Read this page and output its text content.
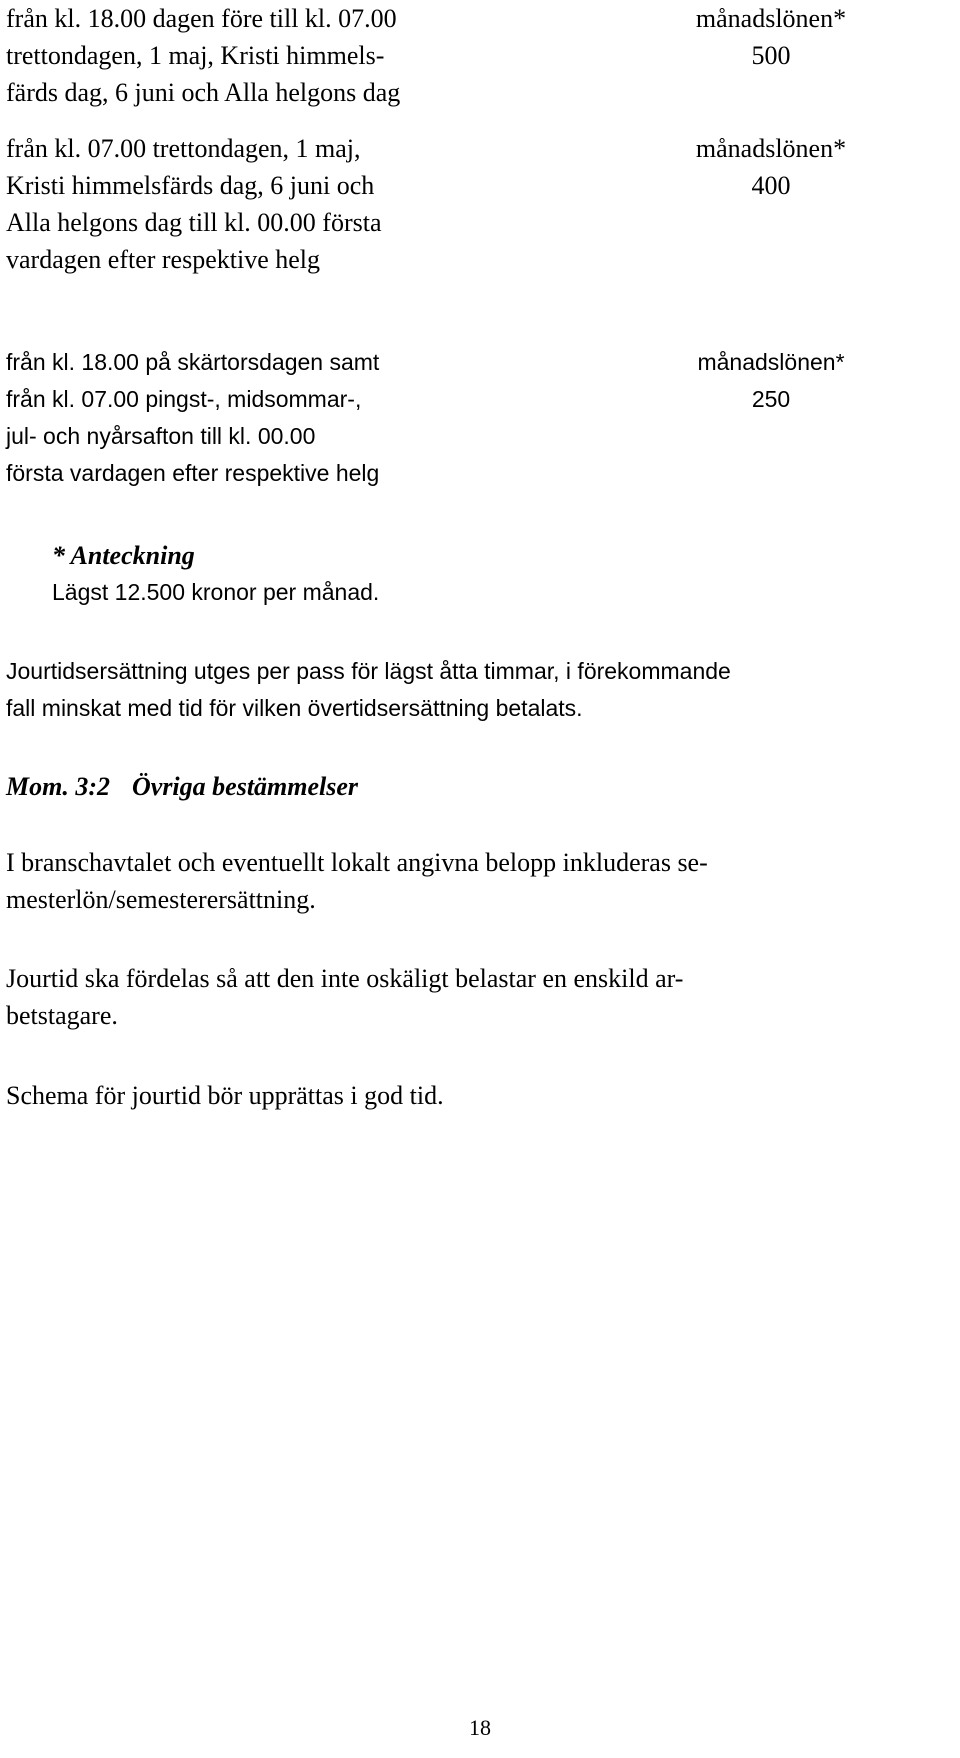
från kl. 18.00 dagen före till kl. 07.00
trettondagen, 1 maj, Kristi himmels-
färds dag, 6 juni och Alla helgons dag
månadslönen*
500
från kl. 07.00 trettondagen, 1 maj,
Kristi himmelsfärds dag, 6 juni och
Alla helgons dag till kl. 00.00 första
vardagen efter respektive helg
månadslönen*
400
från kl. 18.00 på skärtorsdagen samt
från kl. 07.00 pingst-, midsommar-,
jul- och nyårsafton till kl. 00.00
första vardagen efter respektive helg
månadslönen*
250
* Anteckning
Lägst 12.500 kronor per månad.
Jourtidsersättning utges per pass för lägst åtta timmar, i förekommande
fall minskat med tid för vilken övertidsersättning betalats.
Mom. 3:2 Övriga bestämmelser
I branschavtalet och eventuellt lokalt angivna belopp inkluderas se-
mesterlön/semesterersättning.
Jourtid ska fördelas så att den inte oskäligt belastar en enskild ar-
betstagare.
Schema för jourtid bör upprättas i god tid.
18
